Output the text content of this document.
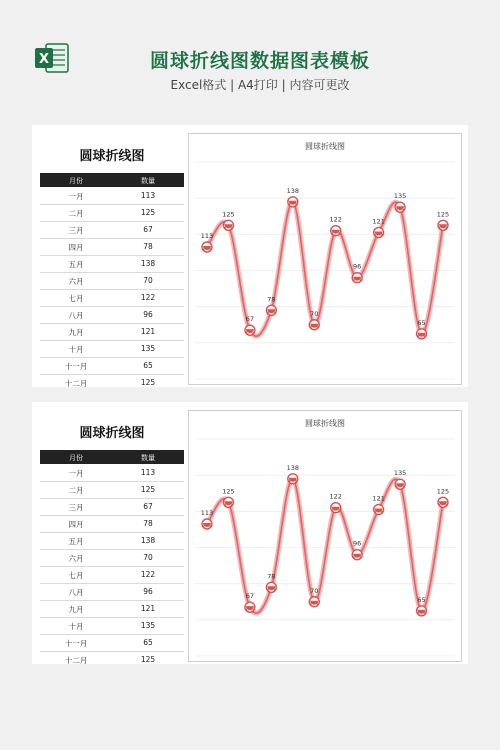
X	圆球折线图数据图表模板
Excel格式 | A4打印 | 内容可更改
圆球折线图
月份	数量
一月	113
二月	125
三月	67
四月	78
五月	138
六月	70
七月	122
八月	96
九月	121
十月	135
十一月	65
十二月	125
圆球折线图
113
125
67
78
138
70
122
96
121
135
65
125
圆球折线图
月份	数量
一月	113
二月	125
三月	67
四月	78
五月	138
六月	70
七月	122
八月	96
九月	121
十月	135
十一月	65
十二月	125
圆球折线图
113
125
67
78
138
70
122
96
121
135
65
125
